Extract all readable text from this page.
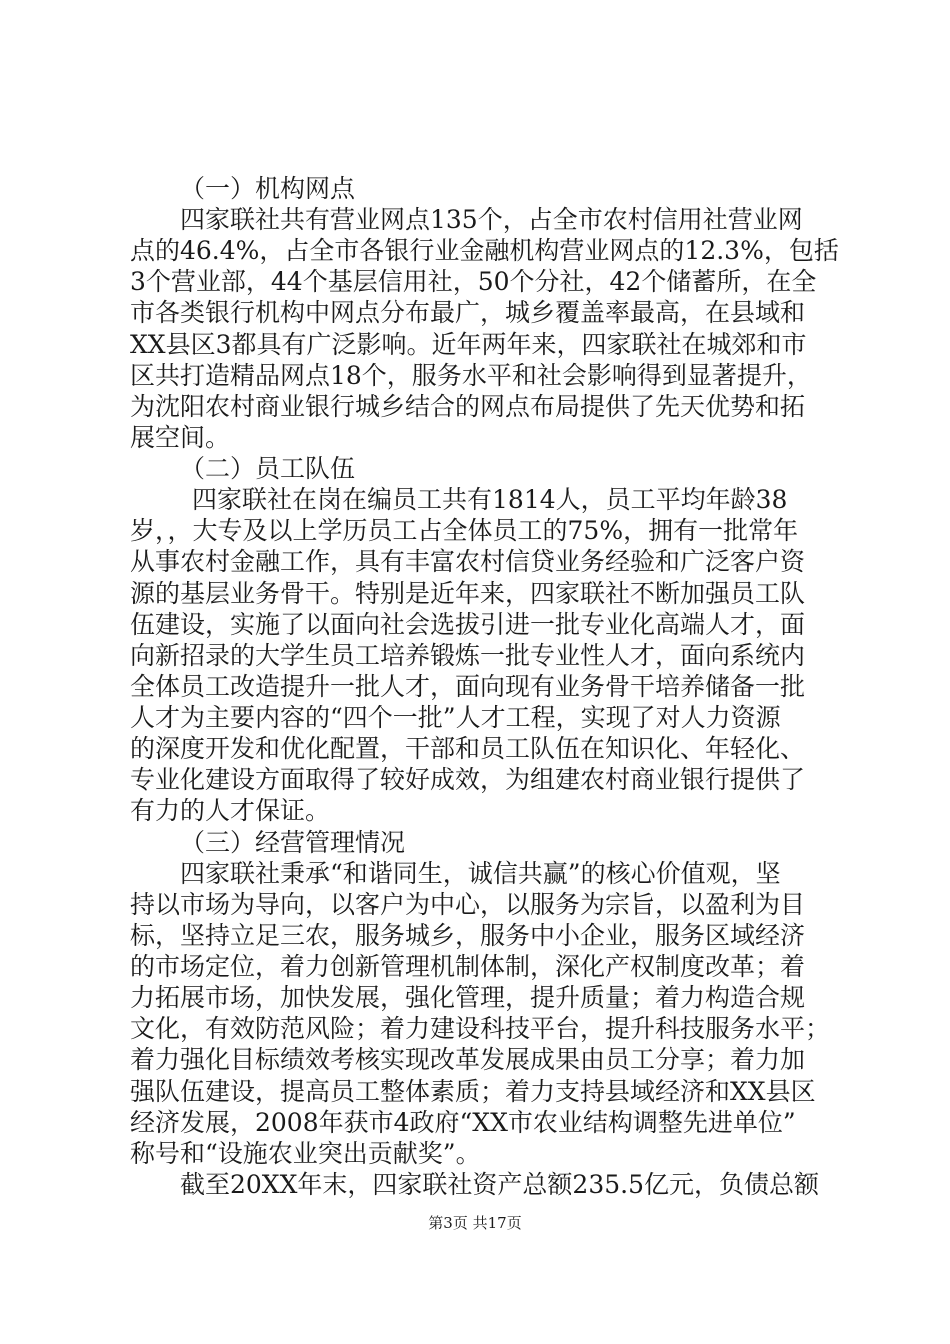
（一）机构网点
四家联社共有营业网点135个，占全市农村信用社营业网
点的46.4%，占全市各银行业金融机构营业网点的12.3%，包括
3个营业部，44个基层信用社，50个分社，42个储蓄所，在全
市各类银行机构中网点分布最广，城乡覆盖率最高，在县域和
XX县区3都具有广泛影响。近年两年来，四家联社在城郊和市
区共打造精品网点18个，服务水平和社会影响得到显著提升，
为沈阳农村商业银行城乡结合的网点布局提供了先天优势和拓
展空间。
（二）员工队伍
四家联社在岗在编员工共有1814人，员工平均年龄38
岁，，大专及以上学历员工占全体员工的75%，拥有一批常年
从事农村金融工作，具有丰富农村信贷业务经验和广泛客户资
源的基层业务骨干。特别是近年来，四家联社不断加强员工队
伍建设，实施了以面向社会选拔引进一批专业化高端人才，面
向新招录的大学生员工培养锻炼一批专业性人才，面向系统内
全体员工改造提升一批人才，面向现有业务骨干培养储备一批
人才为主要内容的“四个一批”人才工程，实现了对人力资源
的深度开发和优化配置，干部和员工队伍在知识化、年轻化、
专业化建设方面取得了较好成效，为组建农村商业银行提供了
有力的人才保证。
（三）经营管理情况
四家联社秉承“和谐同生，诚信共赢”的核心价值观，坚
持以市场为导向，以客户为中心，以服务为宗旨，以盈利为目
标，坚持立足三农，服务城乡，服务中小企业，服务区域经济
的市场定位，着力创新管理机制体制，深化产权制度改革；着
力拓展市场，加快发展，强化管理，提升质量；着力构造合规
文化，有效防范风险；着力建设科技平台，提升科技服务水平；
着力强化目标绩效考核实现改革发展成果由员工分享；着力加
强队伍建设，提高员工整体素质；着力支持县域经济和XX县区
经济发展，2008年获市4政府“XX市农业结构调整先进单位”
称号和“设施农业突出贡献奖”。
截至20XX年末，四家联社资产总额235.5亿元，负债总额
第3页 共17页
